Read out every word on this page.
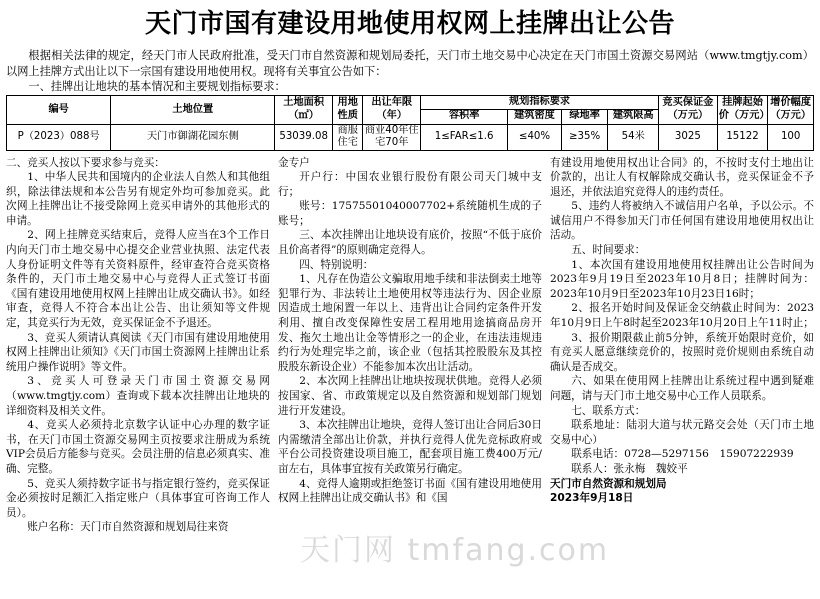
天门市国有建设用地使用权网上挂牌出让公告

根据相关法律的规定，经天门市人民政府批准，受天门市自然资源和规划局委托，天门市土地交易中心决定在天门市国土资源交易网站（www.tmgtjy.com）以网上挂牌方式出让以下一宗国有建设用地使用权。现将有关事宜公告如下：

一、挂牌出让地块的基本情况和主要规划指标要求：

编号	土地位置	土地面积（㎡）	用地性质	出让年限（年）	规划指标要求				竞买保证金（万元）	挂牌起始价（万元）	增价幅度（万元）
					容积率	建筑密度	绿地率	建筑限高			
P（2023）088号	天门市御湖花园东侧	53039.08	商服住宅	商业40年住宅70年	1≤FAR≤1.6	≤40%	≥35%	54米	3025	15122	100

二、竞买人按以下要求参与竞买：

1、中华人民共和国境内的企业法人自然人和其他组织，除法律法规和本公告另有规定外均可参加竞买。此次网上挂牌出让不接受除网上竞买申请外的其他形式的申请。

2、网上挂牌竞买结束后，竞得人应当在3个工作日内向天门市土地交易中心提交企业营业执照、法定代表人身份证明文件等有关资料原件，经审查符合竞买资格条件的，天门市土地交易中心与竞得人正式签订书面《国有建设用地使用权网上挂牌出让成交确认书》。如经审查，竞得人不符合本出让公告、出让须知等文件规定，其竞买行为无效，竞买保证金不予退还。

3、竞买人须请认真阅读《天门市国有建设用地使用权网上挂牌出让须知》《天门市国土资源网上挂牌出让系统用户操作说明》等文件。

3、竞买人可登录天门市国土资源交易网（www.tmgtjy.com）查询或下载本次挂牌出让地块的详细资料及相关文件。

4、竞买人必须持北京数字认证中心办理的数字证书，在天门市国土资源交易网主页按要求注册成为系统VIP会员后方能参与竞买。会员注册的信息必须真实、准确、完整。

5、竞买人须持数字证书与指定银行签约，竞买保证金必须按时足额汇入指定账户（具体事宜可咨询工作人员）。

账户名称：天门市自然资源和规划局往来资

金专户

开户行：中国农业银行股份有限公司天门城中支行；

账号：17575501040007702+系统随机生成的子账号；

三、本次挂牌出让地块设有底价，按照“不低于底价且价高者得”的原则确定竞得人。

四、特别说明：

1、凡存在伪造公文骗取用地手续和非法倒卖土地等犯罪行为、非法转让土地使用权等违法行为、因企业原因造成土地闲置一年以上、违背出让合同约定条件开发利用、擅自改变保障性安居工程用地用途搞商品房开发、拖欠土地出让金等情形之一的企业，在违法违规违约行为处理完毕之前，该企业（包括其控股股东及其控股股东新设企业）不能参加本次出让活动。

2、本次网上挂牌出让地块按现状供地。竞得人必须按国家、省、市政策规定以及自然资源和规划部门规划进行开发建设。

3、本次挂牌出让地块，竞得人签订出让合同后30日内需缴清全部出让价款，并执行竞得人优先竞标政府或平台公司投资建设项目施工，配套项目施工费400万元/亩左右，具体事宜按有关政策另行确定。

4、竞得人逾期或拒绝签订书面《国有建设用地使用权网上挂牌出让成交确认书》和《国

有建设用地使用权出让合同》的，不按时支付土地出让价款的，出让人有权解除成交确认书，竞买保证金不予退还，并依法追究竞得人的违约责任。

5、违约人将被纳入不诚信用户名单，予以公示。不诚信用户不得参加天门市任何国有建设用地使用权出让活动。

五、时间要求：

1、本次国有建设用地使用权挂牌出让公告时间为2023年9月19日至2023年10月8日；挂牌时间为：2023年10月9日至2023年10月23日16时；

2、报名开始时间及保证金交纳截止时间为：2023年10月9日上午8时起至2023年10月20日上午11时止；

3、报价期限截止前5分钟，系统开始限时竞价，如有竞买人愿意继续竞价的，按照时竞价规则由系统自动确认是否成交。

六、如果在使用网上挂牌出让系统过程中遇到疑难问题，请与天门市土地交易中心工作人员联系。

七、联系方式：

联系地址：陆羽大道与状元路交会处（天门市土地交易中心）

联系电话：0728—5297156　15907222939

联系人：张永梅　魏姣平

天门市自然资源和规划局

2023年9月18日

天门网 tmfang.com
